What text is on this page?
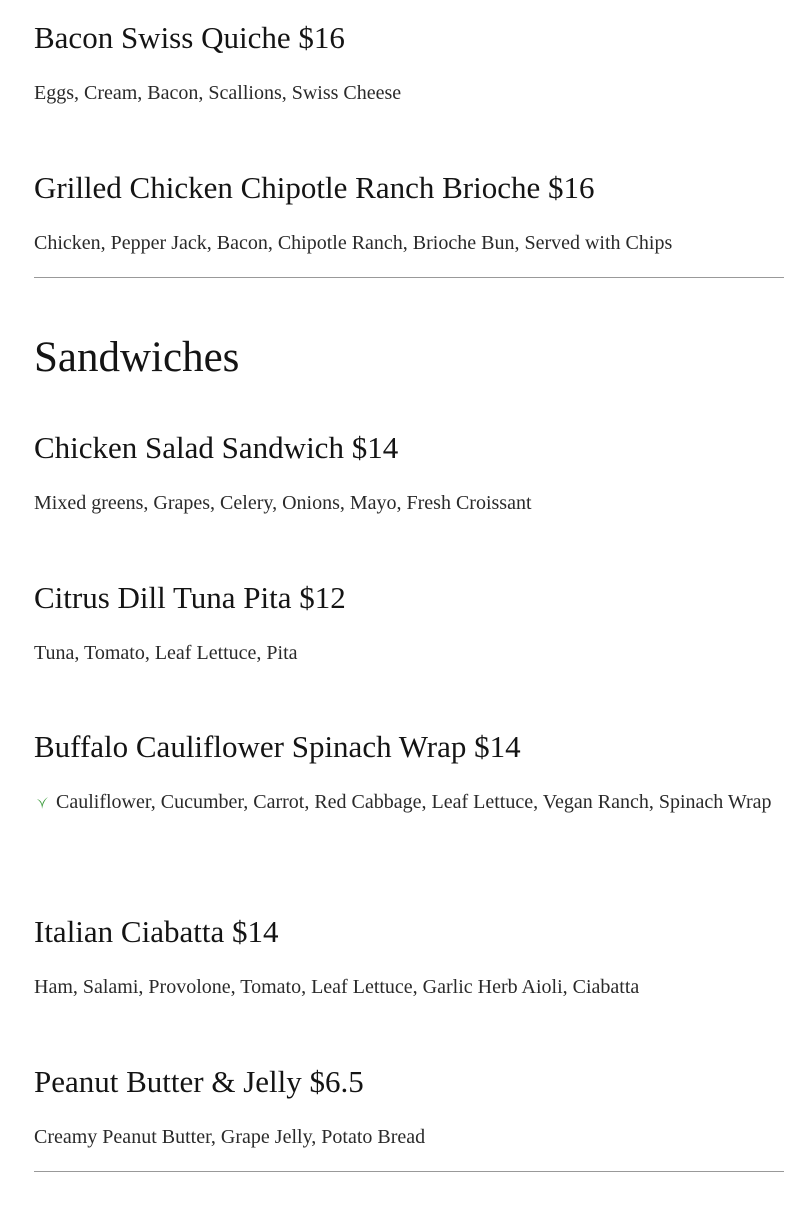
Bacon Swiss Quiche $16

Eggs, Cream, Bacon, Scallions, Swiss Cheese

Grilled Chicken Chipotle Ranch Brioche $16

Chicken, Pepper Jack, Bacon, Chipotle Ranch, Brioche Bun, Served with Chips

Sandwiches
Chicken Salad Sandwich $14

Mixed greens, Grapes, Celery, Onions, Mayo, Fresh Croissant

Citrus Dill Tuna Pita $12

Tuna, Tomato, Leaf Lettuce, Pita

Buffalo Cauliflower Spinach Wrap $14

Cauliflower, Cucumber, Carrot, Red Cabbage, Leaf Lettuce, Vegan Ranch, Spinach Wrap

Italian Ciabatta $14

Ham, Salami, Provolone, Tomato, Leaf Lettuce, Garlic Herb Aioli, Ciabatta

Peanut Butter & Jelly $6.5

Creamy Peanut Butter, Grape Jelly, Potato Bread
